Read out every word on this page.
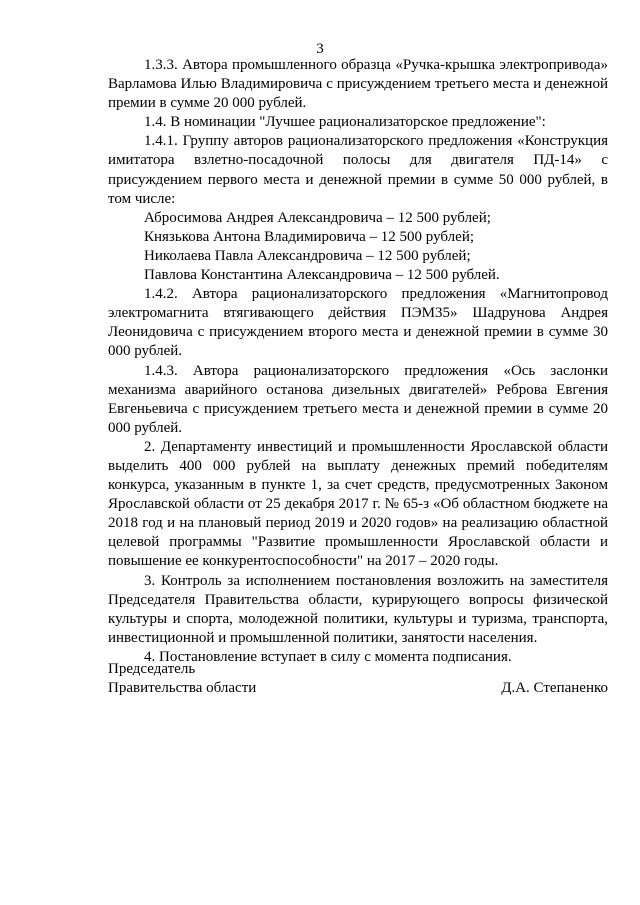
3

1.3.3. Автора промышленного образца «Ручка-крышка электропривода» Варламова Илью Владимировича с присуждением третьего места и денежной премии в сумме 20 000 рублей.

1.4. В номинации "Лучшее рационализаторское предложение":

1.4.1. Группу авторов рационализаторского предложения «Конструкция имитатора взлетно-посадочной полосы для двигателя ПД-14» с присуждением первого места и денежной премии в сумме 50 000 рублей, в том числе:

Абросимова Андрея Александровича – 12 500 рублей;

Князькова Антона Владимировича – 12 500 рублей;

Николаева Павла Александровича – 12 500 рублей;

Павлова Константина Александровича – 12 500 рублей.

1.4.2. Автора рационализаторского предложения «Магнитопровод электромагнита втягивающего действия ПЭМ35» Шадрунова Андрея Леонидовича с присуждением второго места и денежной премии в сумме 30 000 рублей.

1.4.3. Автора рационализаторского предложения «Ось заслонки механизма аварийного останова дизельных двигателей» Реброва Евгения Евгеньевича с присуждением третьего места и денежной премии в сумме 20 000 рублей.

2. Департаменту инвестиций и промышленности Ярославской области выделить 400 000 рублей на выплату денежных премий победителям конкурса, указанным в пункте 1, за счет средств, предусмотренных Законом Ярославской области от 25 декабря 2017 г. № 65-з «Об областном бюджете на 2018 год и на плановый период 2019 и 2020 годов» на реализацию областной целевой программы "Развитие промышленности Ярославской области и повышение ее конкурентоспособности" на 2017 – 2020 годы.

3. Контроль за исполнением постановления возложить на заместителя Председателя Правительства области, курирующего вопросы физической культуры и спорта, молодежной политики, культуры и туризма, транспорта, инвестиционной и промышленной политики, занятости населения.

4. Постановление вступает в силу с момента подписания.

Председатель
Правительства области	Д.А. Степаненко
